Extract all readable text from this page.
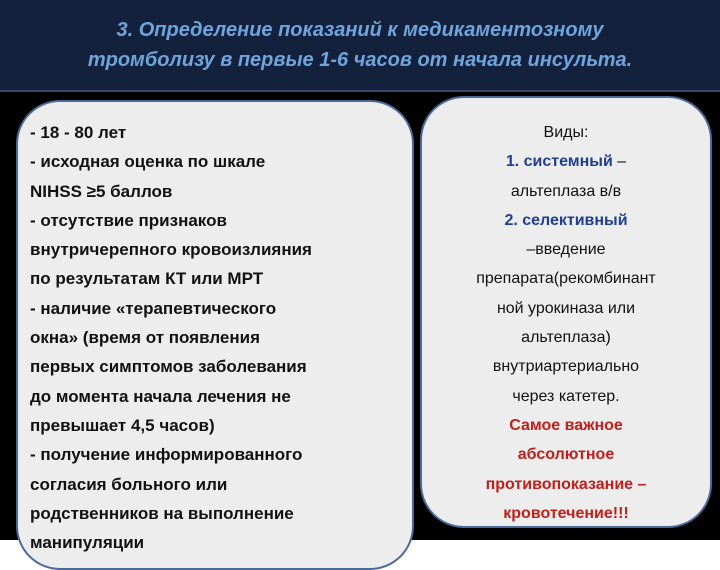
3. Определение показаний к медикаментозному
тромболизу в первые 1-6 часов от начала инсульта.
- 18 - 80 лет
- исходная оценка по шкале
NIHSS ≥5 баллов
- отсутствие признаков
внутричерепного кровоизлияния
по результатам КТ или МРТ
- наличие «терапевтического
окна» (время от появления
первых симптомов заболевания
до момента начала лечения не
превышает 4,5 часов)
- получение информированного
согласия больного или
родственников на выполнение
манипуляции
Виды:
1. системный –
альтеплаза в/в
2. селективный
–введение
препарата(рекомбинант
ной урокиназа или
альтеплаза)
внутриартериально
через катетер.
Самое важное
абсолютное
противопоказание –
кровотечение!!!
